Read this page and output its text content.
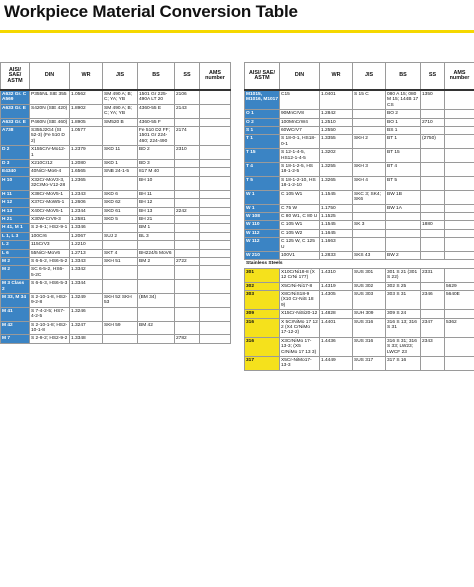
Workpiece Material Conversion Table
AISI/ SAE/ ASTM	DIN	WR	JIS	BS	SS	AMS number
A632 Gr. C A569	P355NL SIE 355	1.0562	SM 490 A; B; C; YA; YB	1501 Gr 225-490A LT 20	2106	
A633 Gr. E	S420N (StE 420)	1.8902	SM 490 A; B; C; YA; YB	4360-55 E	2143	
A633 Gr. E	P460N (StE 460)	1.8905	SM520 B	4360-55 F		
A738	S355J2G4 (St 52-3) (Fe 510 D 2)	1.0577		Fe 510 D2 FF; 1501 Gr 224-460; 224-490	2174	
D 2	X155CrV-Mo12-1	1.2379	SKD 11	BD 2	2310	
D 3	X210Cr12	1.2080	SKD 1	BD 3		
E4340	40NiCr-Mo6-4	1.6565	SNB 24-1-5	817 M 40		
H 10	X32Cr-MoV3-3, 32CrMo-V12-28	1.2365		BH 10		
H 11	X38Cr-MoV5-1	1.2343	SKD 6	BH 11		
H 12	X37Cr-MoW5-1	1.2606	SKD 62	BH 12		
H 13	X40Cr-MoV5-1	1.2344	SKD 61	BH 13	2242	
H 21	X30W-CrV9-3	1.2581	SKD 5	BH 21		
H 41, M 1	S 2-9-1; HS2-9-1	1.3346		BM 1		
L 1, L 3	100Cr6	1.2067	SUJ 2	BL 3		
L 2	115CrV3	1.2210				
L 6	55NiCr-MoV6	1.2713	SKT 4	BH224/5 MoV6		
M 2	S 6-5-2, HS6-5-2	1.3343	SKH 51	BM 2	2722	
M 2	SC 6-5-2, HS6-5-2C	1.3342				
M 3 Class 2	S 6-5-3, HS6-5-3	1.3344				
M 33, M 34	S 2-10-1-8, HS2-9-2-8	1.3249	SKH 52 SKH 53	(BM 34)		
M 41	S 7-4-2-5; HS7-4-2-5	1.3246				
M 42	S 2-10-1-8; HS2-10-1-8	1.3247	SKH 59	BM 42		
M 7	S 2-9-2; HS2-9-2	1.3348			2782	
AISI/ SAE/ ASTM	DIN	WR	JIS	BS	SS	AMS number
M1015, M1016, M1017	C15	1.0401	S 15 C	080 A 15; 080 M 15; 144B 17 CS	1350	
O 1	90MnCrV8	1.2842		BO 2		
O 2	100MnCrW4	1.2510		BO 1	2710	
S 1	60WCrV7	1.2550		BS 1		
T 1	S 18-0-1, HS18-0-1	1.3355	SKH 2	BT 1	(2750)	
T 15	S 12-1-4-5, HS12-1-4-5	1.3202		BT 15		
T 4	S 18-1-2-5, HS 18-1-2-5	1.3255	SKH 3	BT 4		
T 5	S 18-1-2-10, HS 18-1-2-10	1.3265	SKH 4	BT 5		
W 1	C 105 W1	1.1545	SKC 3; SK4; SK6	BW 1B		
W 1	C 75 W	1.1750		BW 1A		
W 108	C 80 W1, C 80 U	1.1525				
W 110	C 105 W1	1.1545	SK 3		1880	
W 112	C 105 W2	1.1645				
W 112	C 125 W, C 125 U	1.1663				
W 210	100V1	1.2833	SKS 43	BW 2		
Stainless Steels						
301	X10CrNi18-8 (X 12 CrNi 177)	1.4310	SUS 301	301 S 21 (301 S 22)	2331	
302	X5CrNi-Ni17-8	1.4319	SUS 302	302 S 25		5629
303	X8CrNiS18-9 (X10 Cr-NiS 18 9)	1.4305	SUS 303	303 S 31	2346	5640E
309	X15Cr-NiSi20-12	1.4828	SUH 309	309 S 24		
316	X 5CrNiMo 17 12 2 (X4 CrNiMo 17-12-2)	1.4401	SUS 316	316 S 13; 316 S 31	2347	5362
316	X3CrNiMo 17-13-3; (X5 CrNiMo 17 13 3)	1.4436	SUS 316	316 S 31; 316 S 33; LW23; LWCF 23	2343	
317	X5Cr-NiMo17-13-3	1.4449	SUS 317	317 S 16		
